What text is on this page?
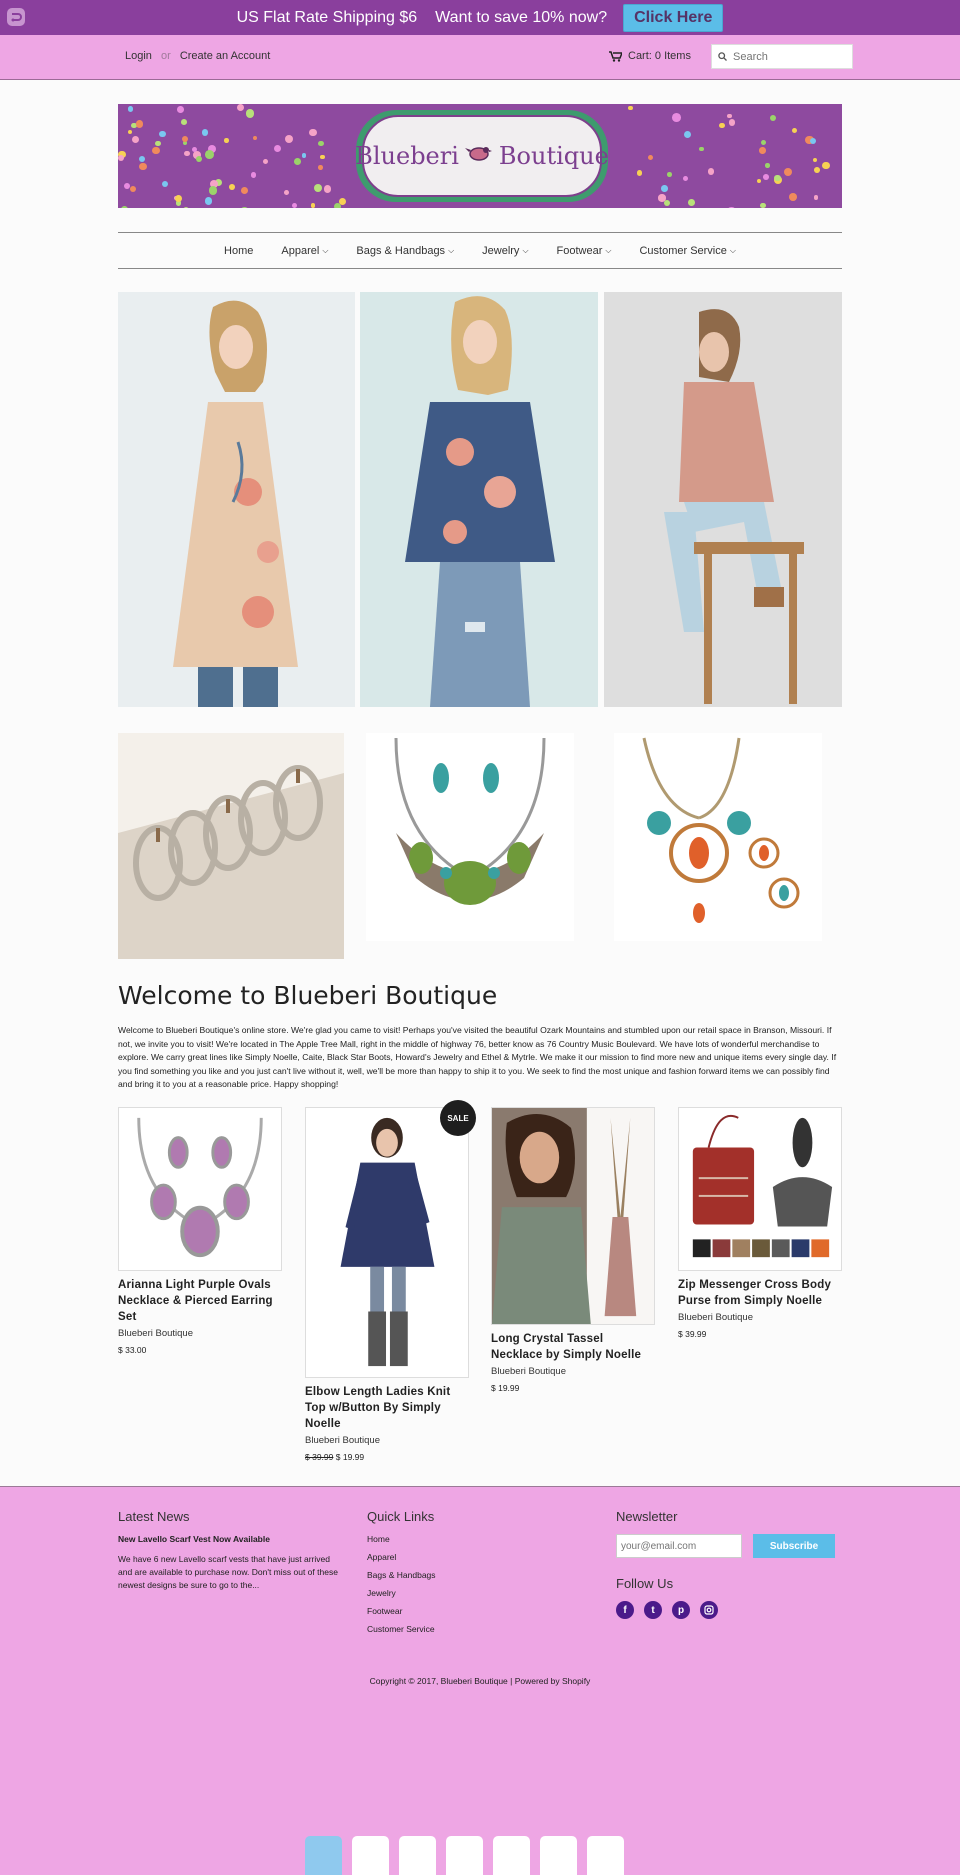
US Flat Rate Shipping $6 Want to save 10% now?	Click Here
Login or Create an Account	Cart: 0 Items
Search
Blueberi Boutique
Home	Apparel ⌵	Bags & Handbags ⌵	Jewelry ⌵	Footwear ⌵	Customer Service ⌵
Welcome to Blueberi Boutique

Welcome to Blueberi Boutique's online store. We're glad you came to visit! Perhaps you've visited the beautiful Ozark Mountains and stumbled upon our retail space in Branson, Missouri. If not, we invite you to visit! We're located in The Apple Tree Mall, right in the middle of highway 76, better know as 76 Country Music Boulevard. We have lots of wonderful merchandise to explore. We carry great lines like Simply Noelle, Caite, Black Star Boots, Howard's Jewelry and Ethel & Mytrle. We make it our mission to find more new and unique items every single day. If you find something you like and you just can't live without it, well, we'll be more than happy to ship it to you. We seek to find the most unique and fashion forward items we can possibly find and bring it to you at a reasonable price. Happy shopping!

SALE
Arianna Light Purple Ovals Necklace & Pierced Earring Set
Blueberi Boutique
$ 33.00
Elbow Length Ladies Knit Top w/Button By Simply Noelle
Blueberi Boutique
$ 39.99 $ 19.99
Long Crystal Tassel Necklace by Simply Noelle
Blueberi Boutique
$ 19.99
Zip Messenger Cross Body Purse from Simply Noelle
Blueberi Boutique
$ 39.99
Latest News
New Lavello Scarf Vest Now Available
We have 6 new Lavello scarf vests that have just arrived and are available to purchase now. Don't miss out of these newest designs be sure to go to the...
Quick Links
Home
Apparel
Bags & Handbags
Jewelry
Footwear
Customer Service
Newsletter
your@email.com
Subscribe
Follow Us
f	t	p
Copyright © 2017, Blueberi Boutique | Powered by Shopify
